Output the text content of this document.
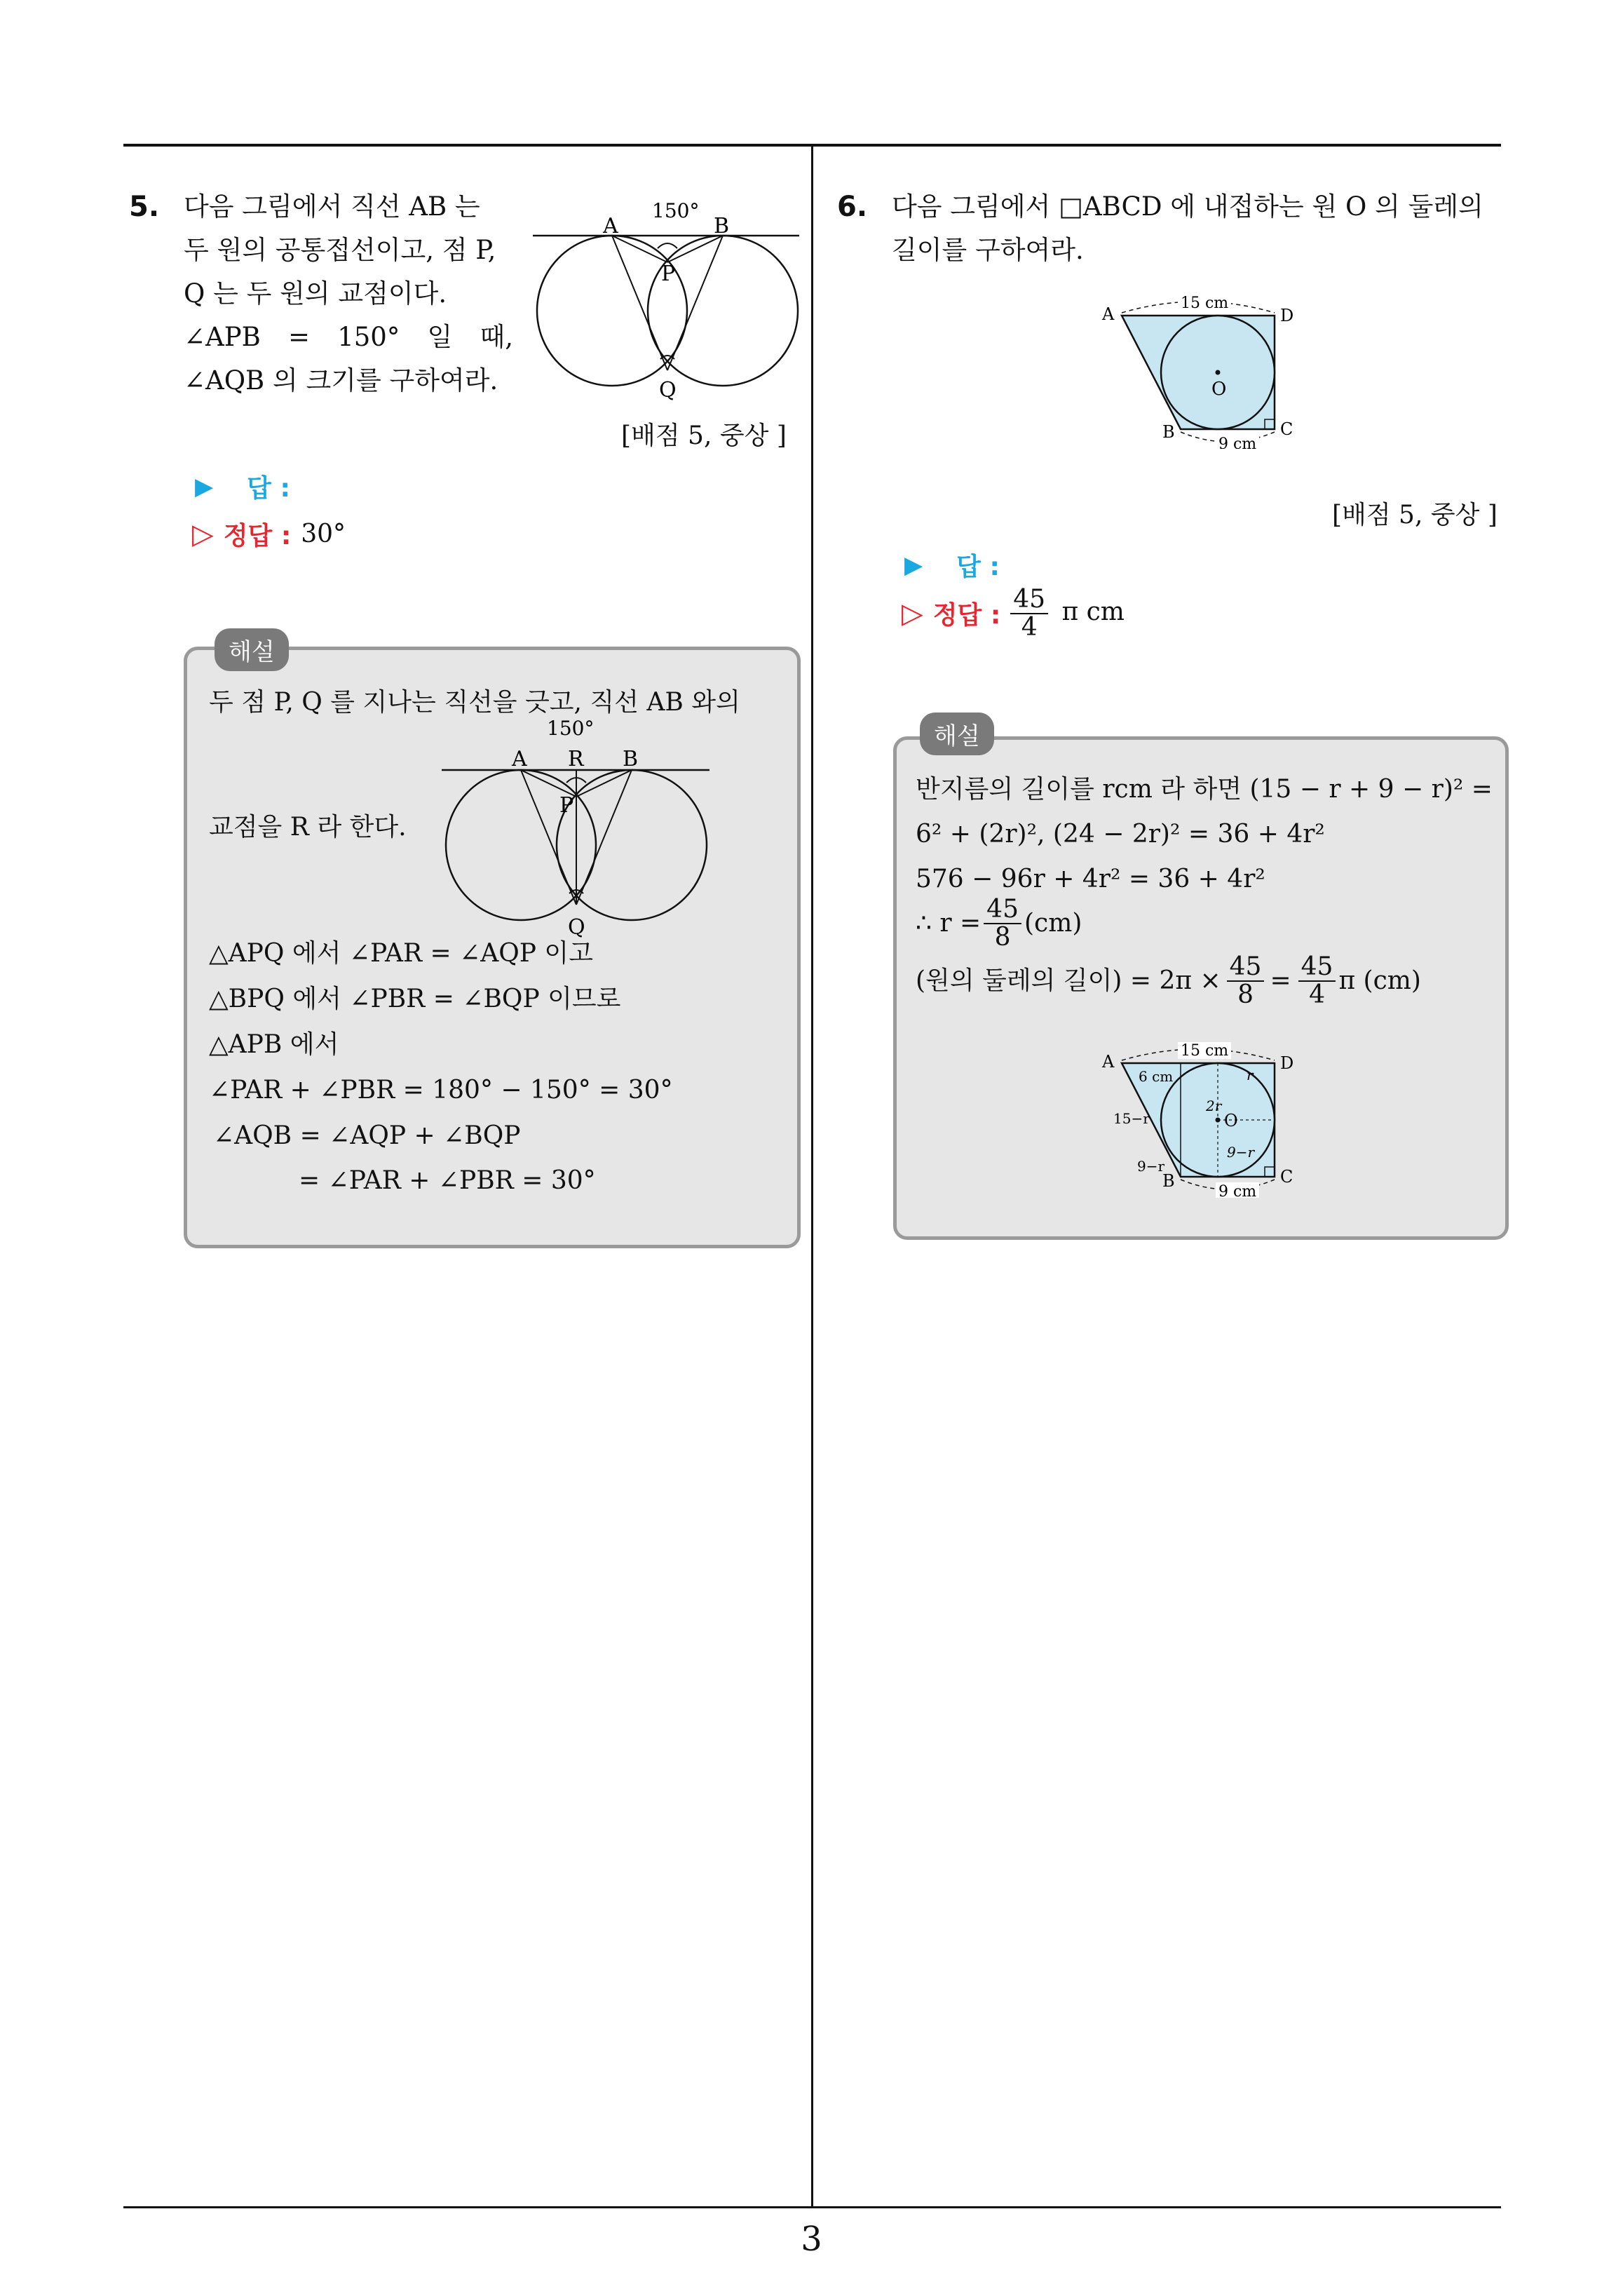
3
5. 다음 그림에서 직선 AB 는
두 원의 공통접선이고, 점 P,
Q 는 두 원의 교점이다.
∠APB = 150° 일 때,
∠AQB 의 크기를 구하여라.
A	B
150°
P
Q
[배점 5, 중상 ]
▶ 답 :
▷ 정답 : 30°
해설
두 점 P, Q 를 지나는 직선을 긋고, 직선 AB 와의
교점을 R 라 한다.
A R B
150°
P
Q
△APQ 에서 ∠PAR = ∠AQP 이고
△BPQ 에서 ∠PBR = ∠BQP 이므로
△APB 에서
∠PAR + ∠PBR = 180° − 150° = 30°
∠AQB = ∠AQP + ∠BQP
= ∠PAR + ∠PBR = 30°
6. 다음 그림에서 □ABCD 에 내접하는 원 O 의 둘레의
길이를 구하여라.
15 cm
9 cm
A	D
B	C
O
[배점 5, 중상 ]
▶ 답 :
▷ 정답 : $\frac{45}{4}$ π cm
해설
반지름의 길이를 rcm 라 하면 (15 − r + 9 − r)² =
6² + (2r)², (24 − 2r)² = 36 + 4r²
576 − 96r + 4r² = 36 + 4r²
∴ $r = \frac{45}{8} (cm)$
(원의 둘레의 길이) = $2\pi \times \frac{45}{8} = \frac{45}{4}$ π (cm)
15 cm
9 cm
A	D
B	C
O
6 cm
15−r
9−r
r
2r
9−r
